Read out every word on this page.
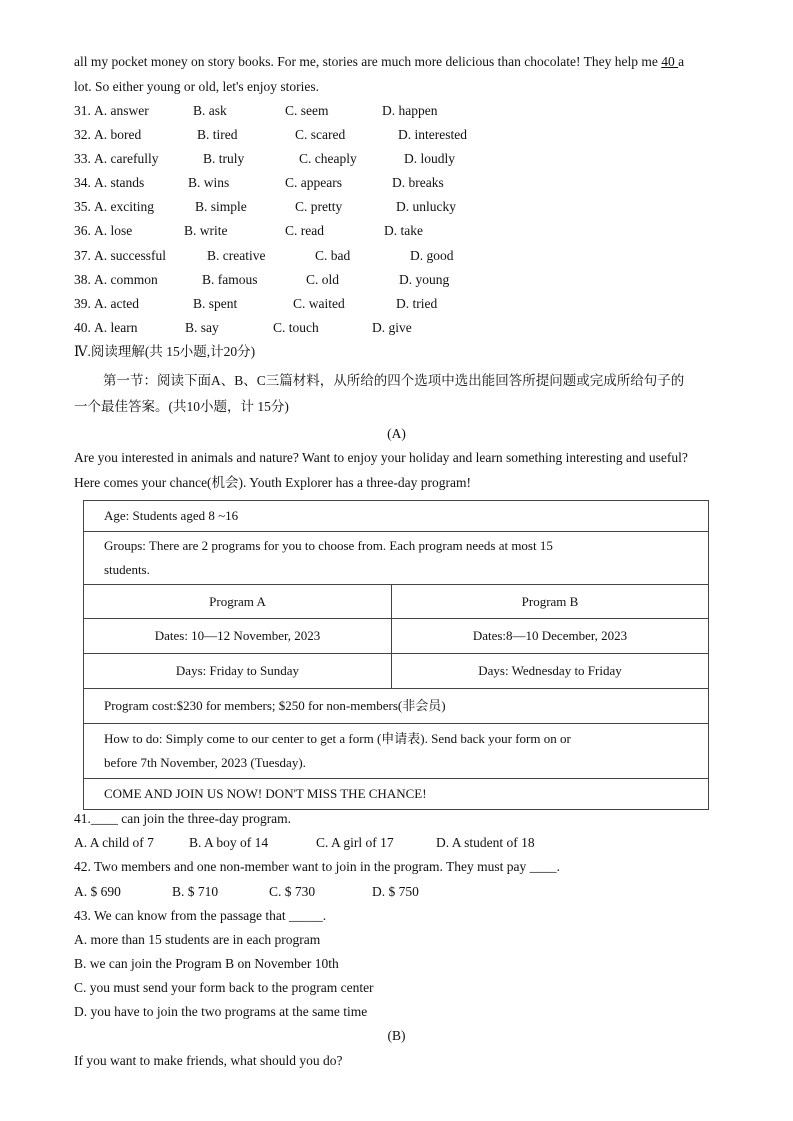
all my pocket money on story books. For me, stories are much more delicious than chocolate! They help me 40 a
lot. So either young or old, let's enjoy stories.
31. A. answer	B. ask	C. seem	D. happen
32. A. bored	B. tired	C. scared	D. interested
33. A. carefully	B. truly	C. cheaply	D. loudly
34. A. stands	B. wins	C. appears	D. breaks
35. A. exciting	B. simple	C. pretty	D. unlucky
36. A. lose	B. write	C. read	D. take
37. A. successful	B. creative	C. bad	D. good
38. A. common	B. famous	C. old	D. young
39. A. acted	B. spent	C. waited	D. tried
40. A. learn	B. say	C. touch	D. give
Ⅳ.阅读理解(共 15小题,计20分)
第一节：阅读下面A、B、C三篇材料，从所给的四个选项中选出能回答所提问题或完成所给句子的
一个最佳答案。(共10小题，计 15分)
(A)
Are you interested in animals and nature? Want to enjoy your holiday and learn something interesting and useful?
Here comes your chance(机会). Youth Explorer has a three-day program!
Age: Students aged 8 ~16	
Groups: There are 2 programs for you to choose from. Each program needs at most 15
students.	
Program A	Program B
Dates: 10—12 November, 2023	Dates:8—10 December, 2023
Days: Friday to Sunday	Days: Wednesday to Friday
Program cost:$230 for members; $250 for non-members(非会员)	
How to do: Simply come to our center to get a form (申请表). Send back your form on or
before 7th November, 2023 (Tuesday).	
COME AND JOIN US NOW! DON'T MISS THE CHANCE!	
41.____ can join the three-day program.
A. A child of 7	B. A boy of 14	C. A girl of 17	D. A student of 18
42. Two members and one non-member want to join in the program. They must pay ____.
A. $ 690	B. $ 710	C. $ 730	D. $ 750
43. We can know from the passage that _____.
A. more than 15 students are in each program
B. we can join the Program B on November 10th
C. you must send your form back to the program center
D. you have to join the two programs at the same time
(B)
If you want to make friends, what should you do?
